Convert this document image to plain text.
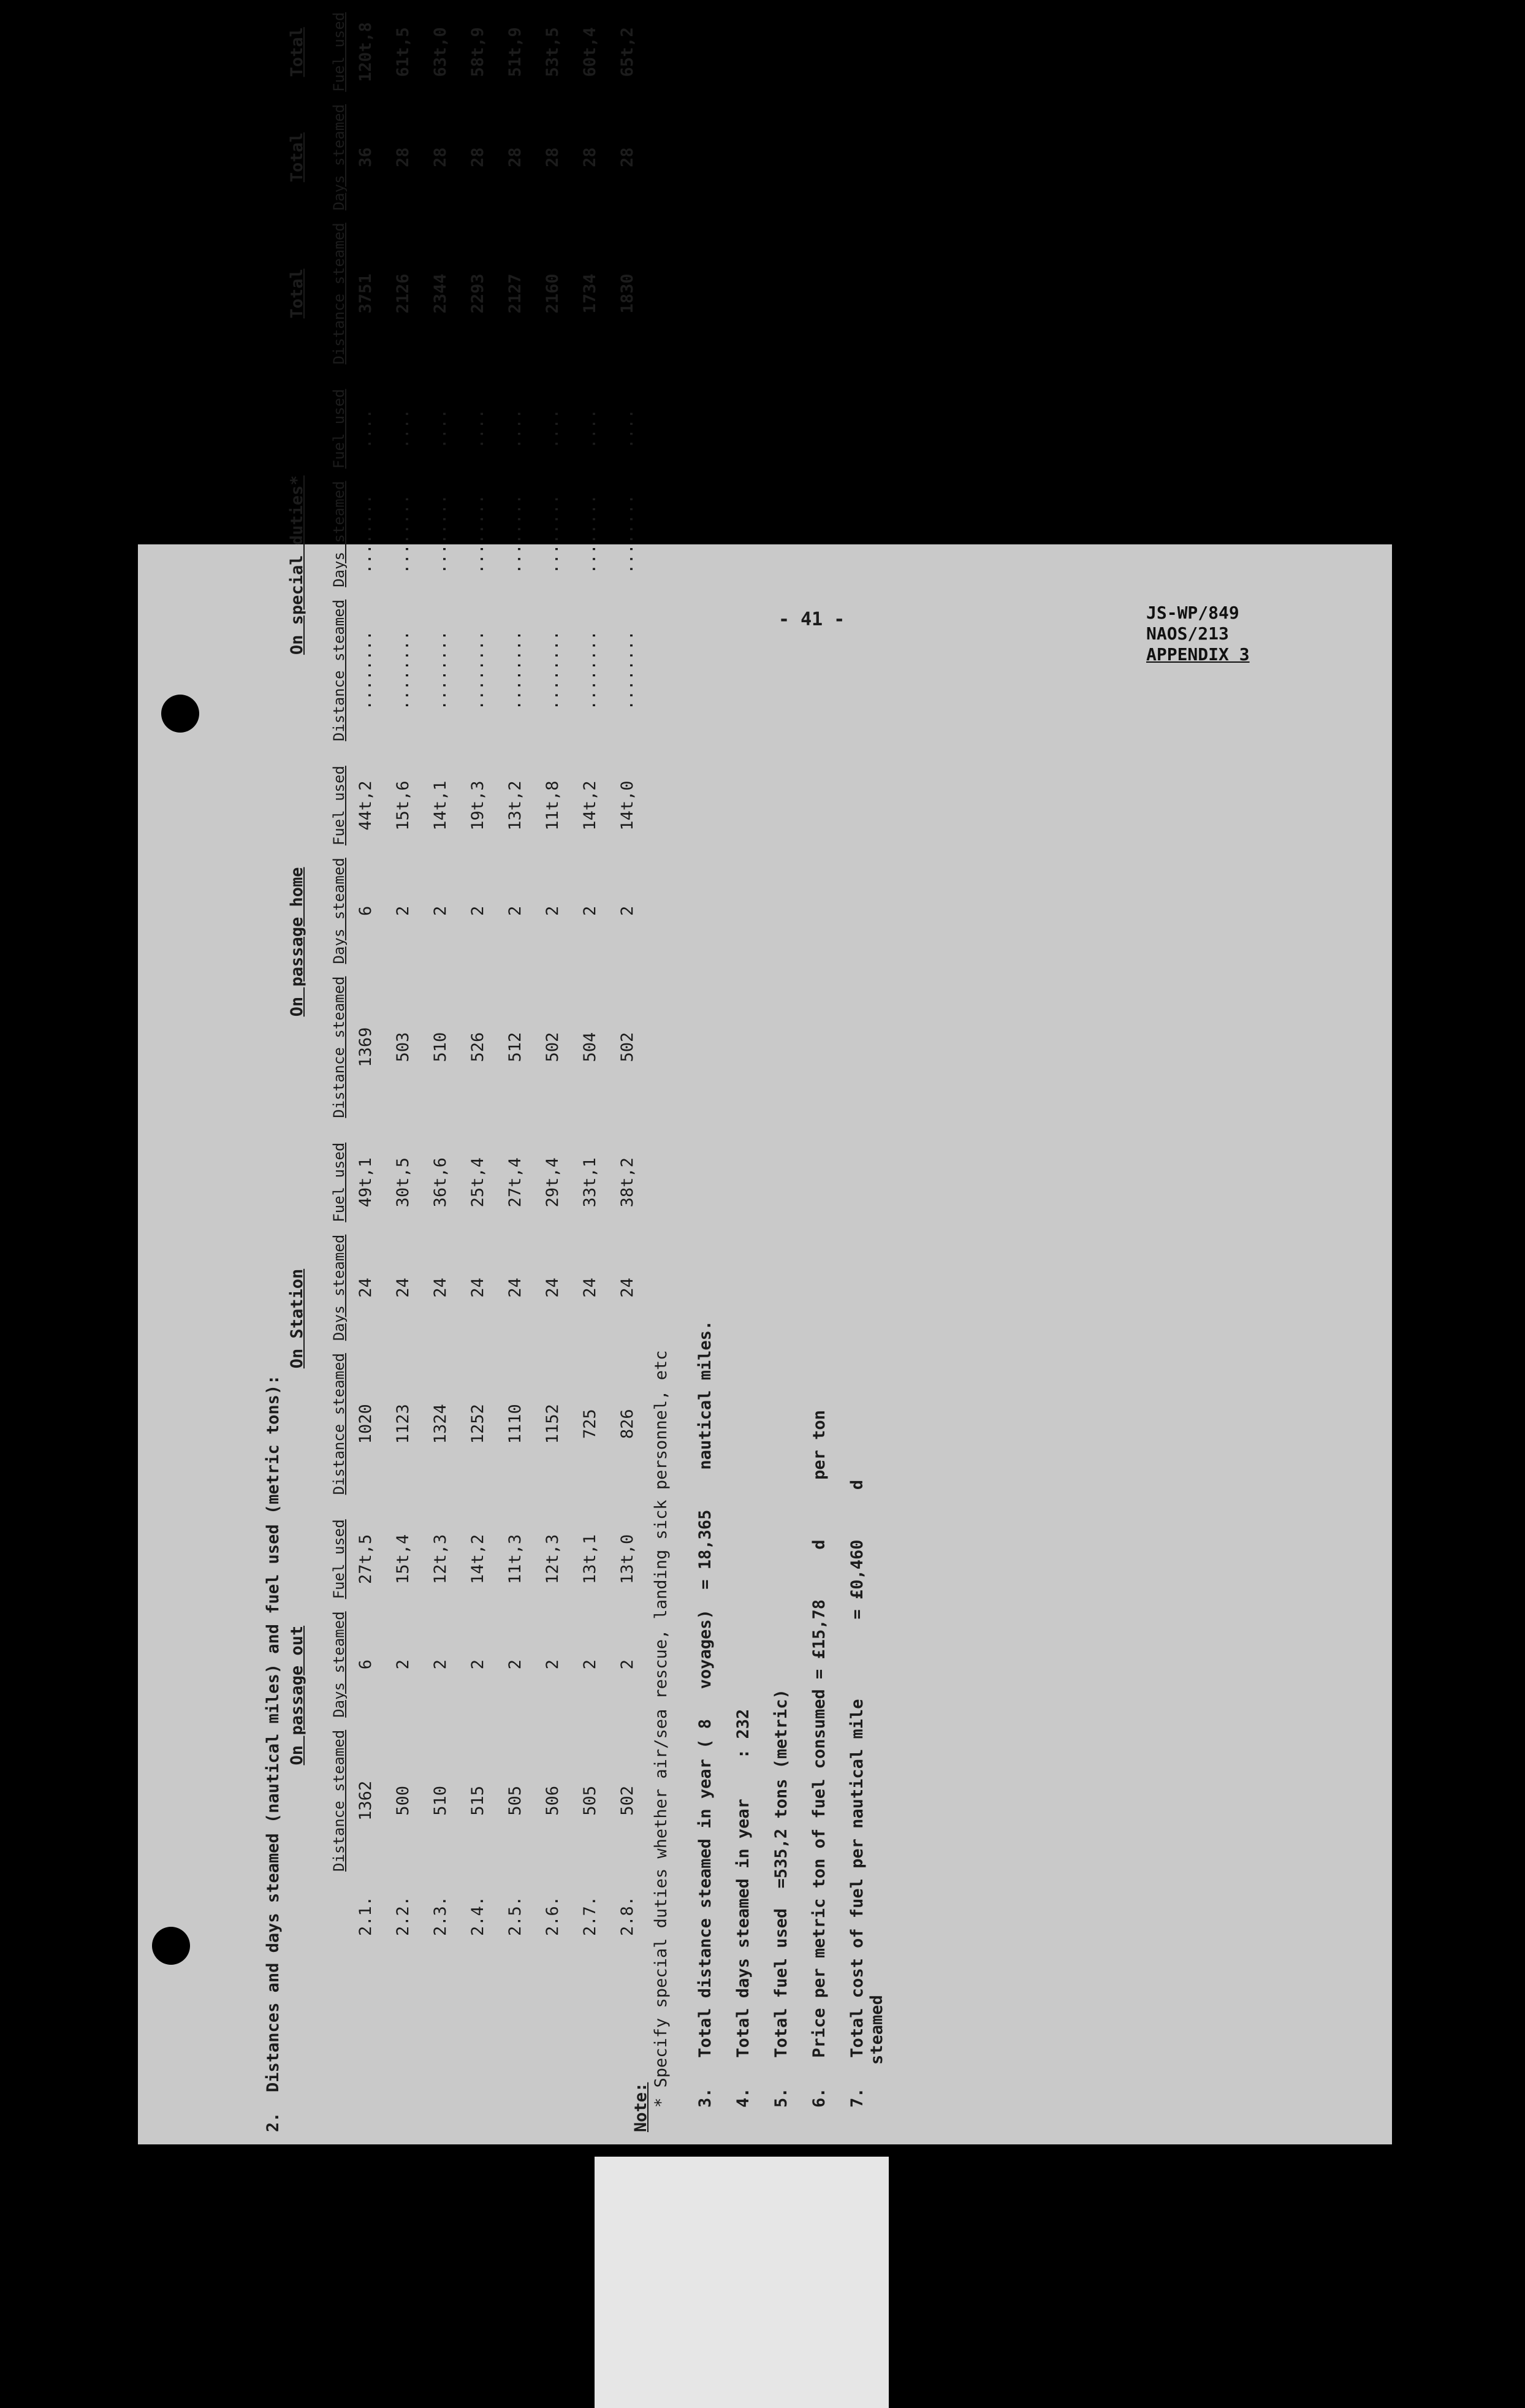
JS-WP/849
NAOS/213
APPENDIX 3
- 41 -
2.  Distances and days steamed (nautical miles) and fuel used (metric tons):
	On passage out				On Station				On passage home				On special duties*				Total	Total	Total
	Distance steamed	Days steamed	Fuel used		Distance steamed	Days steamed	Fuel used		Distance steamed	Days steamed	Fuel used		Distance steamed	Days steamed	Fuel used		Distance steamed	Days steamed	Fuel used
2.1.	1362	6	27t,5		1020	24	49t,1		1369	6	44t,2		........	........	....		3751	36	120t,8
2.2.	500	2	15t,4		1123	24	30t,5		503	2	15t,6		........	........	....		2126	28	61t,5
2.3.	510	2	12t,3		1324	24	36t,6		510	2	14t,1		........	........	....		2344	28	63t,0
2.4.	515	2	14t,2		1252	24	25t,4		526	2	19t,3		........	........	....		2293	28	58t,9
2.5.	505	2	11t,3		1110	24	27t,4		512	2	13t,2		........	........	....		2127	28	51t,9
2.6.	506	2	12t,3		1152	24	29t,4		502	2	11t,8		........	........	....		2160	28	53t,5
2.7.	505	2	13t,1		725	24	33t,1		504	2	14t,2		........	........	....		1734	28	60t,4
2.8.	502	2	13t,0		826	24	38t,2		502	2	14t,0		........	........	....		1830	28	65t,2
Note: * Specify special duties whether air/sea rescue, landing sick personnel, etc 3.   Total distance steamed in year ( 8   voyages)  = 18,365    nautical miles. 4.   Total days steamed in year    : 232 5.   Total fuel used  =535,2 tons (metric) 6.   Price per metric ton of fuel consumed = £15,78     d      per ton 7.   Total cost of fuel per nautical mile        = £0,460     d steamed
